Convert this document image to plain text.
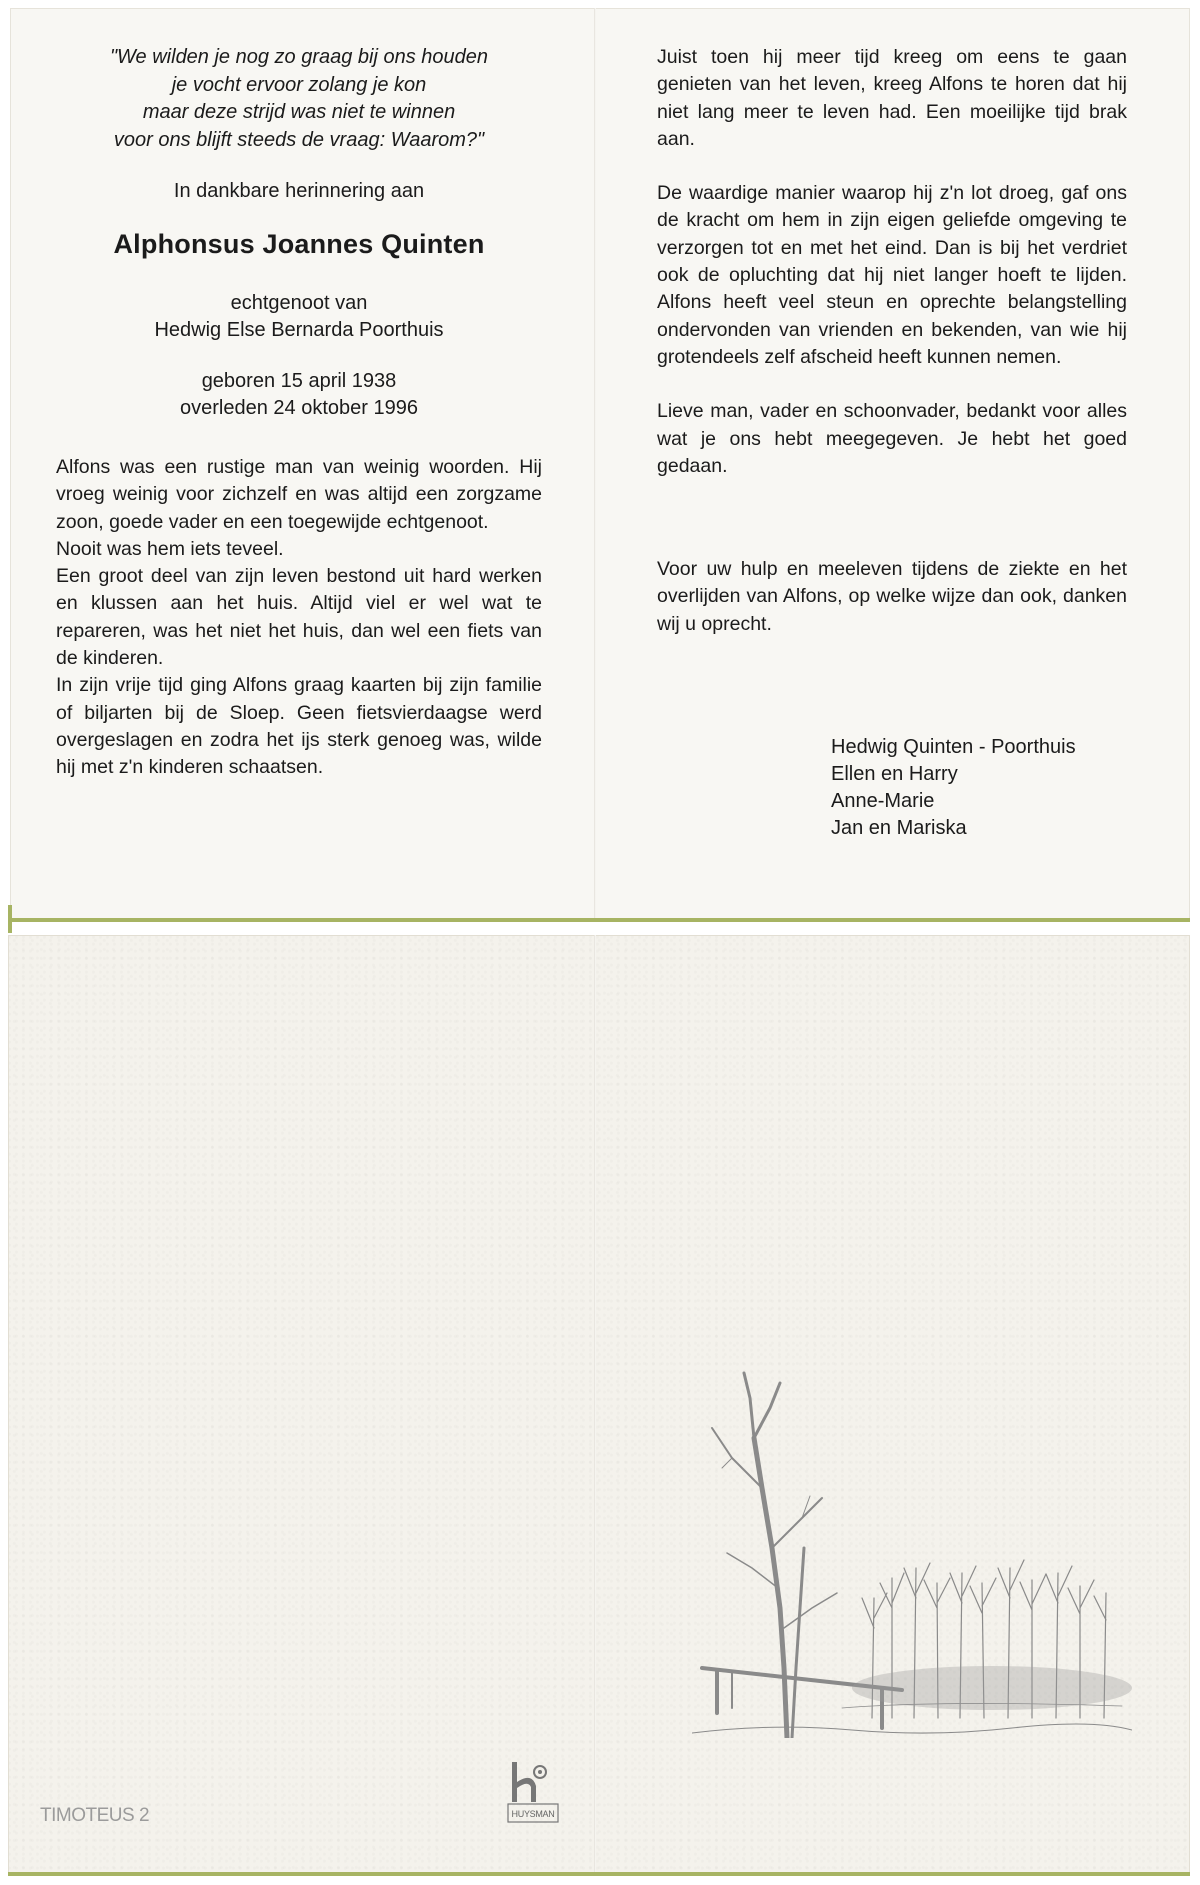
"We wilden je nog zo graag bij ons houden
je vocht ervoor zolang je kon
maar deze strijd was niet te winnen
voor ons blijft steeds de vraag: Waarom?"
In dankbare herinnering aan
Alphonsus Joannes Quinten
echtgenoot van
Hedwig Else Bernarda Poorthuis
geboren 15 april 1938
overleden 24 oktober 1996

Alfons was een rustige man van weinig woorden. Hij vroeg weinig voor zichzelf en was altijd een zorgzame zoon, goede vader en een toegewijde echtgenoot.

Nooit was hem iets teveel.

Een groot deel van zijn leven bestond uit hard werken en klussen aan het huis. Altijd viel er wel wat te repareren, was het niet het huis, dan wel een fiets van de kinderen.

In zijn vrije tijd ging Alfons graag kaarten bij zijn familie of biljarten bij de Sloep. Geen fietsvierdaagse werd overgeslagen en zodra het ijs sterk genoeg was, wilde hij met z'n kinderen schaatsen.

Juist toen hij meer tijd kreeg om eens te gaan genieten van het leven, kreeg Alfons te horen dat hij niet lang meer te leven had. Een moeilijke tijd brak aan.

De waardige manier waarop hij z'n lot droeg, gaf ons de kracht om hem in zijn eigen geliefde omgeving te verzorgen tot en met het eind. Dan is bij het verdriet ook de opluchting dat hij niet langer hoeft te lijden. Alfons heeft veel steun en oprechte belangstelling ondervonden van vrienden en bekenden, van wie hij grotendeels zelf afscheid heeft kunnen nemen.

Lieve man, vader en schoonvader, bedankt voor alles wat je ons hebt meegegeven. Je hebt het goed gedaan.

Voor uw hulp en meeleven tijdens de ziekte en het overlijden van Alfons, op welke wijze dan ook, danken wij u oprecht.

Hedwig Quinten - Poorthuis
Ellen en Harry
Anne-Marie
Jan en Mariska
TIMOTEUS 2	HUYSMAN
